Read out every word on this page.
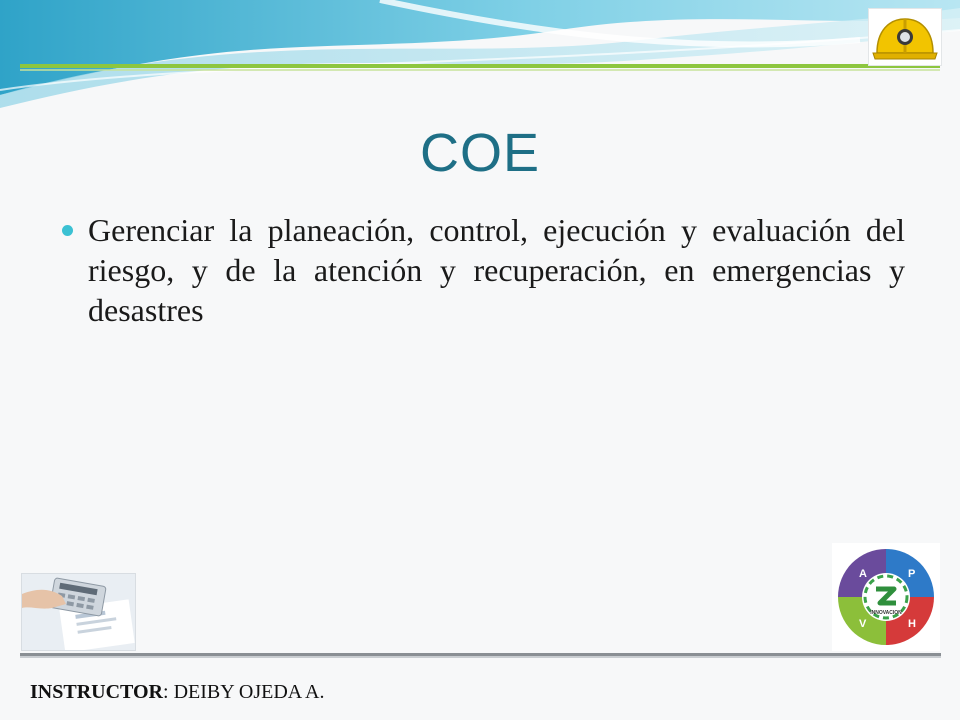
COE
Gerenciar la planeación, control, ejecución y evaluación del riesgo, y de la atención y recuperación, en emergencias y desastres
A	P
V	H
INNOVACION
INSTRUCTOR: DEIBY OJEDA A.
